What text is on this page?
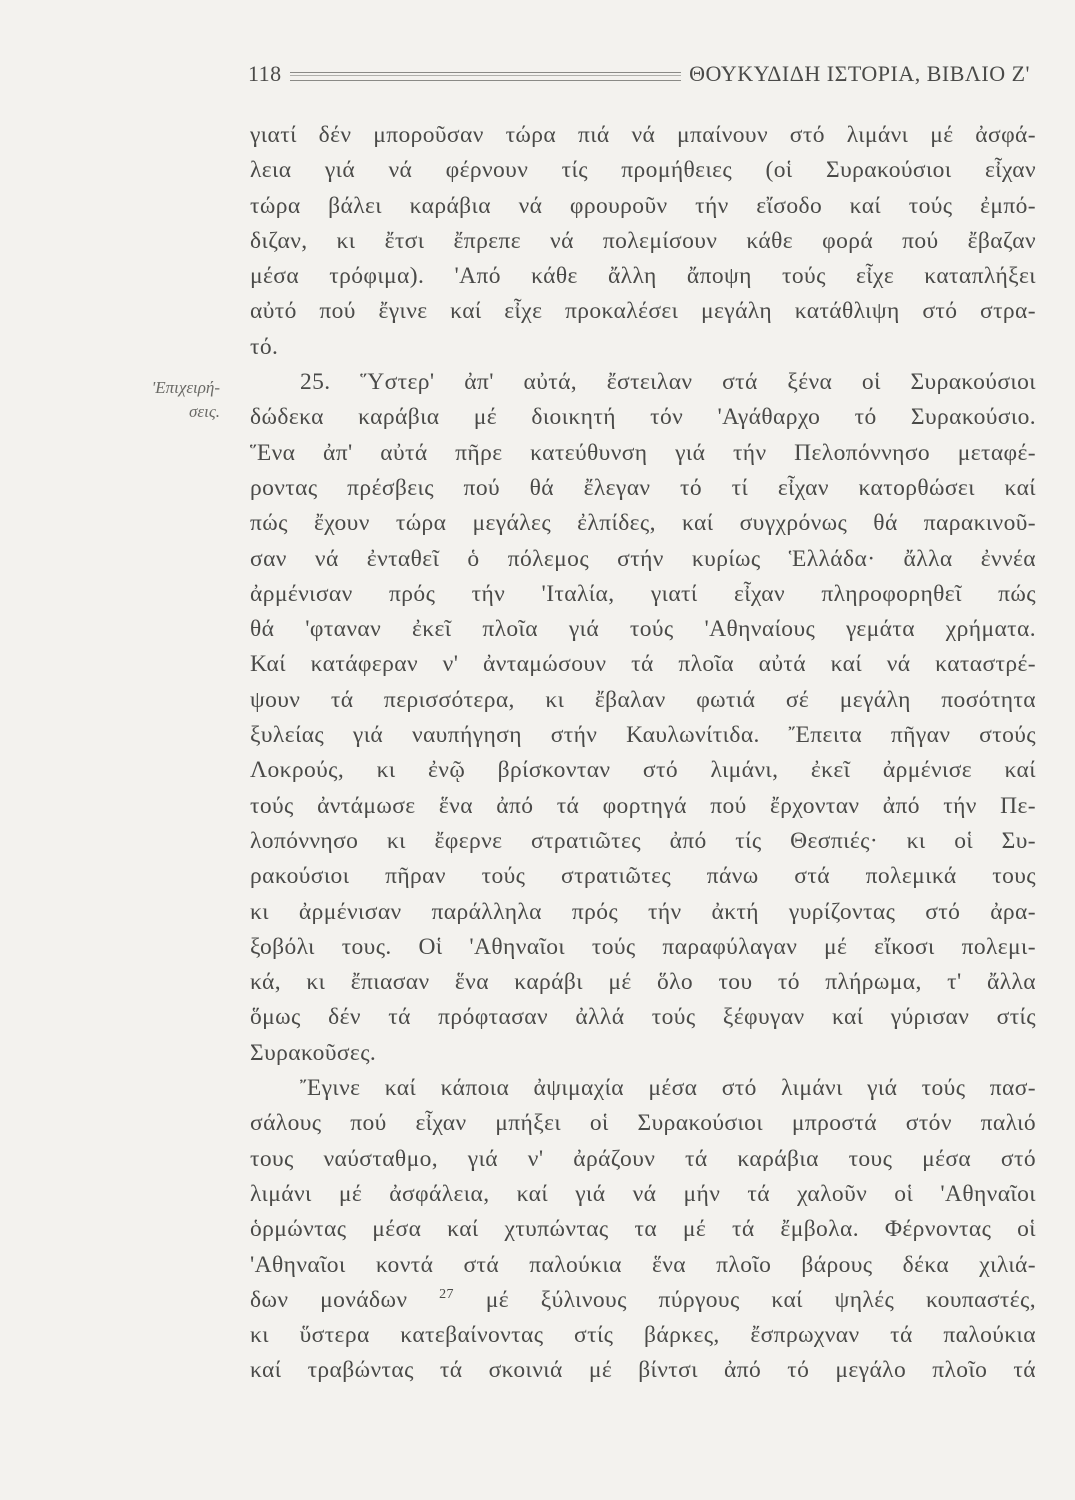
118	ΘΟΥΚΥΔΙΔΗ ΙΣΤΟΡΙΑ, ΒΙΒΛΙΟ Ζ'
'Επιχειρή-
σεις.
γιατί δέν μποροῦσαν τώρα πιά νά μπαίνουν στό λιμάνι μέ ἀσφά-
λεια γιά νά φέρνουν τίς προμήθειες (οἱ Συρακούσιοι εἶχαν
τώρα βάλει καράβια νά φρουροῦν τήν εἴσοδο καί τούς ἐμπό-
διζαν, κι ἔτσι ἔπρεπε νά πολεμίσουν κάθε φορά πού ἔβαζαν
μέσα τρόφιμα). 'Από κάθε ἄλλη ἄποψη τούς εἶχε καταπλήξει
αὐτό πού ἔγινε καί εἶχε προκαλέσει μεγάλη κατάθλιψη στό στρα-
τό.
25. Ὕστερ' ἀπ' αὐτά, ἔστειλαν στά ξένα οἱ Συρακούσιοι
δώδεκα καράβια μέ διοικητή τόν 'Αγάθαρχο τό Συρακούσιο.
Ἕνα ἀπ' αὐτά πῆρε κατεύθυνση γιά τήν Πελοπόννησο μεταφέ-
ροντας πρέσβεις πού θά ἔλεγαν τό τί εἶχαν κατορθώσει καί
πώς ἔχουν τώρα μεγάλες ἐλπίδες, καί συγχρόνως θά παρακινοῦ-
σαν νά ἐνταθεῖ ὁ πόλεμος στήν κυρίως Ἑλλάδα· ἄλλα ἐννέα
ἀρμένισαν πρός τήν 'Ιταλία, γιατί εἶχαν πληροφορηθεῖ πώς
θά 'φταναν ἐκεῖ πλοῖα γιά τούς 'Αθηναίους γεμάτα χρήματα.
Καί κατάφεραν ν' ἀνταμώσουν τά πλοῖα αὐτά καί νά καταστρέ-
ψουν τά περισσότερα, κι ἔβαλαν φωτιά σέ μεγάλη ποσότητα
ξυλείας γιά ναυπήγηση στήν Καυλωνίτιδα. Ἔπειτα πῆγαν στούς
Λοκρούς, κι ἐνῷ βρίσκονταν στό λιμάνι, ἐκεῖ ἀρμένισε καί
τούς ἀντάμωσε ἕνα ἀπό τά φορτηγά πού ἔρχονταν ἀπό τήν Πε-
λοπόννησο κι ἔφερνε στρατιῶτες ἀπό τίς Θεσπιές· κι οἱ Συ-
ρακούσιοι πῆραν τούς στρατιῶτες πάνω στά πολεμικά τους
κι ἀρμένισαν παράλληλα πρός τήν ἀκτή γυρίζοντας στό ἀρα-
ξοβόλι τους. Οἱ 'Αθηναῖοι τούς παραφύλαγαν μέ εἴκοσι πολεμι-
κά, κι ἔπιασαν ἕνα καράβι μέ ὅλο του τό πλήρωμα, τ' ἄλλα
ὅμως δέν τά πρόφτασαν ἀλλά τούς ξέφυγαν καί γύρισαν στίς
Συρακοῦσες.
Ἔγινε καί κάποια ἀψιμαχία μέσα στό λιμάνι γιά τούς πασ-
σάλους πού εἶχαν μπήξει οἱ Συρακούσιοι μπροστά στόν παλιό
τους ναύσταθμο, γιά ν' ἀράζουν τά καράβια τους μέσα στό
λιμάνι μέ ἀσφάλεια, καί γιά νά μήν τά χαλοῦν οἱ 'Αθηναῖοι
ὁρμώντας μέσα καί χτυπώντας τα μέ τά ἔμβολα. Φέρνοντας οἱ
'Αθηναῖοι κοντά στά παλούκια ἕνα πλοῖο βάρους δέκα χιλιά-
δων μονάδων $^{27}$ μέ ξύλινους πύργους καί ψηλές κουπαστές,
κι ὕστερα κατεβαίνοντας στίς βάρκες, ἔσπρωχναν τά παλούκια
καί τραβώντας τά σκοινιά μέ βίντσι ἀπό τό μεγάλο πλοῖο τά
